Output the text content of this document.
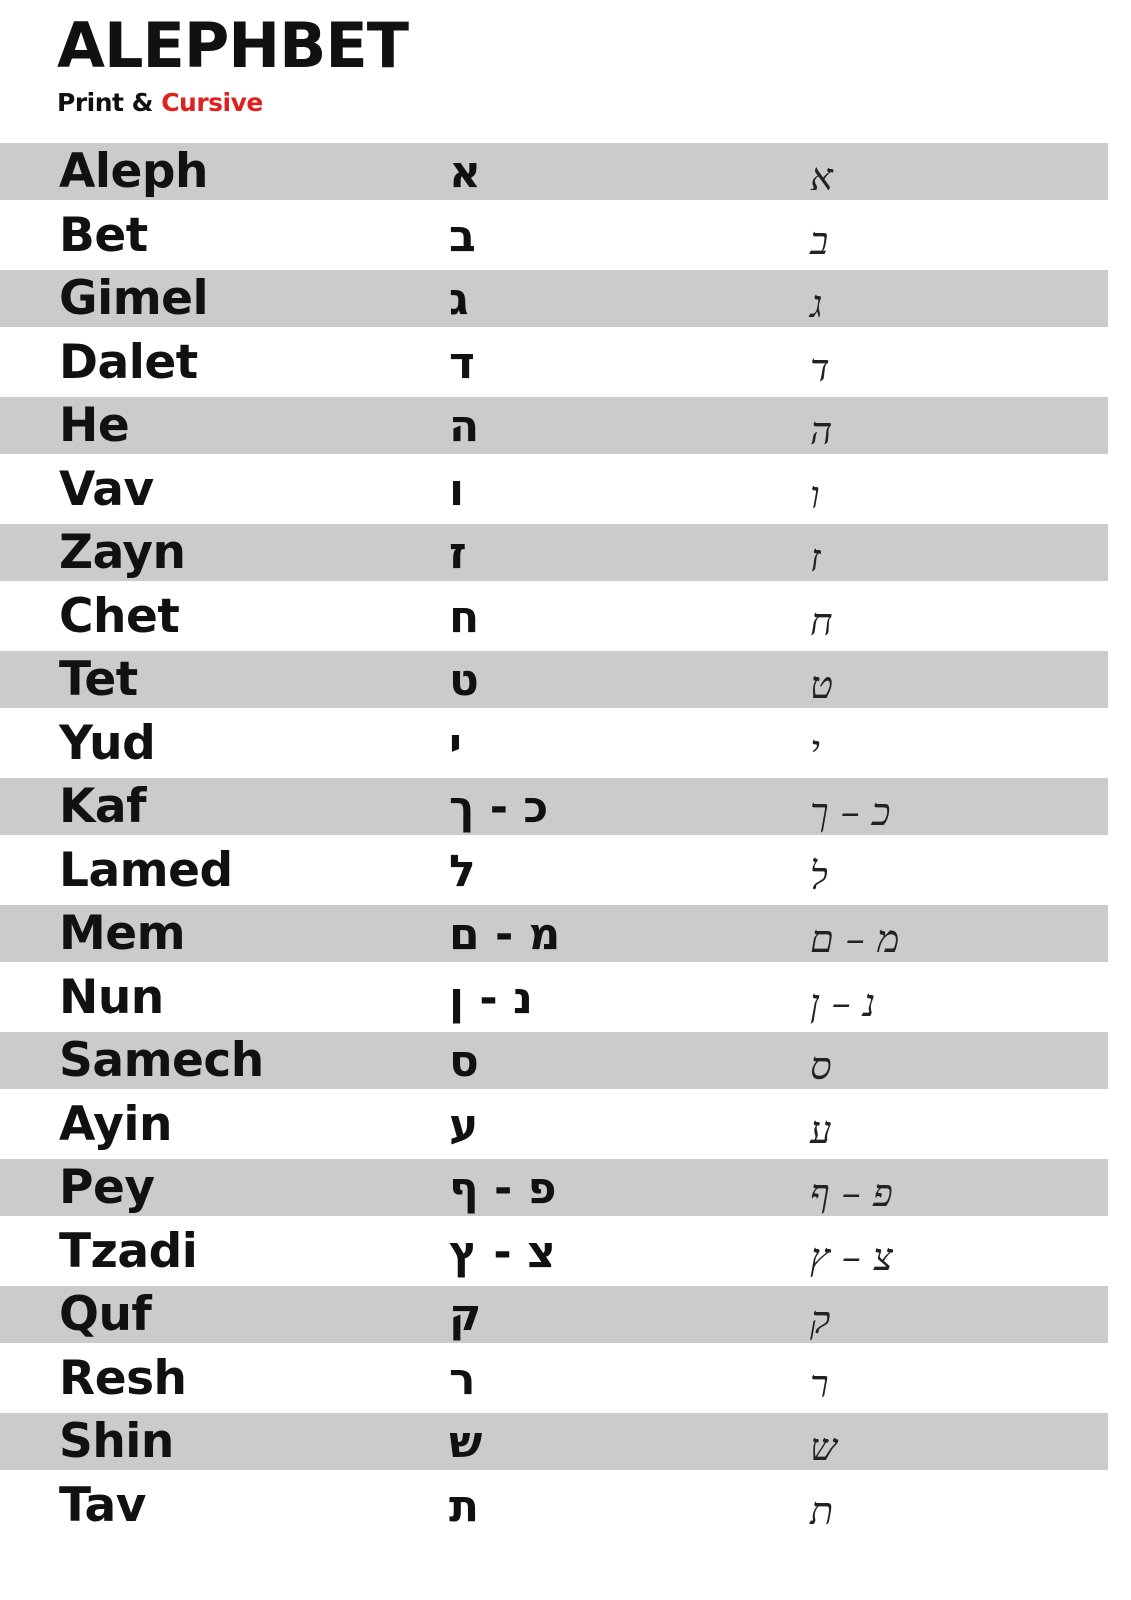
ALEPHBET
Print & Cursive
Aleph	א	א
Bet	ב	ב
Gimel	ג	ג
Dalet	ד	ד
He	ה	ה
Vav	ו	ו
Zayn	ז	ז
Chet	ח	ח
Tet	ט	ט
Yud	י	י
Kaf	כ - ך	כ – ך
Lamed	ל	ל
Mem	מ - ם	מ – ם
Nun	נ - ן	נ – ן
Samech	ס	ס
Ayin	ע	ע
Pey	פ - ף	פ – ף
Tzadi	צ - ץ	צ – ץ
Quf	ק	ק
Resh	ר	ר
Shin	ש	ש
Tav	ת	ת
